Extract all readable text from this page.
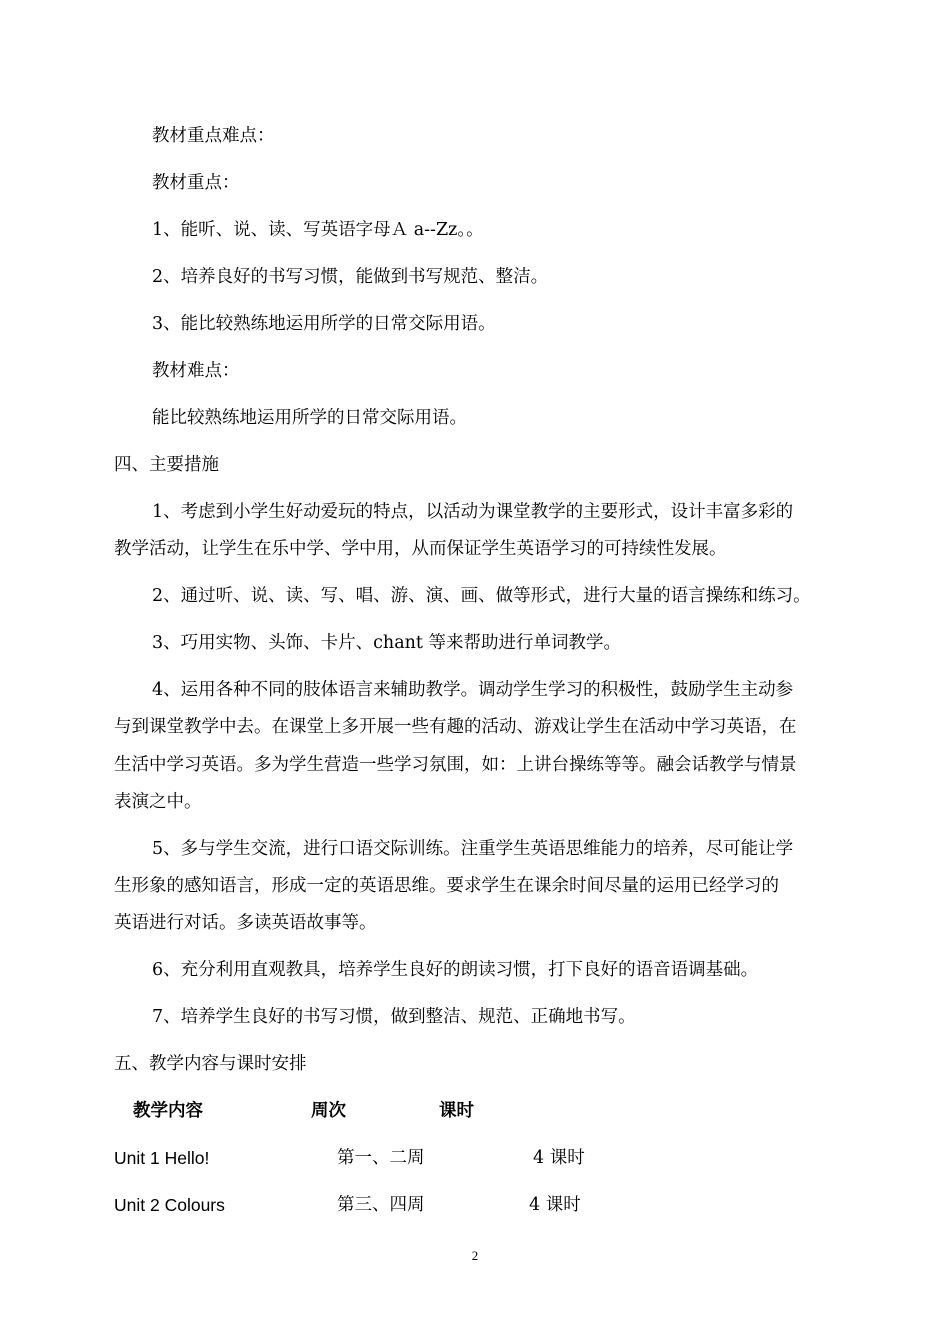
教材重点难点：
教材重点：
1、能听、说、读、写英语字母Ａ a--Zz。。
2、培养良好的书写习惯，能做到书写规范、整洁。
3、能比较熟练地运用所学的日常交际用语。
教材难点：
能比较熟练地运用所学的日常交际用语。
四、主要措施
1、考虑到小学生好动爱玩的特点，以活动为课堂教学的主要形式，设计丰富多彩的
教学活动，让学生在乐中学、学中用，从而保证学生英语学习的可持续性发展。
2、通过听、说、读、写、唱、游、演、画、做等形式，进行大量的语言操练和练习。
3、巧用实物、头饰、卡片、chant 等来帮助进行单词教学。
4、运用各种不同的肢体语言来辅助教学。调动学生学习的积极性，鼓励学生主动参
与到课堂教学中去。在课堂上多开展一些有趣的活动、游戏让学生在活动中学习英语，在
生活中学习英语。多为学生营造一些学习氛围，如：上讲台操练等等。融会话教学与情景
表演之中。
5、多与学生交流，进行口语交际训练。注重学生英语思维能力的培养，尽可能让学
生形象的感知语言，形成一定的英语思维。要求学生在课余时间尽量的运用已经学习的
英语进行对话。多读英语故事等。
6、充分利用直观教具，培养学生良好的朗读习惯，打下良好的语音语调基础。
7、培养学生良好的书写习惯，做到整洁、规范、正确地书写。
五、教学内容与课时安排
教学内容	周次	课时
Unit 1 Hello!	第一、二周	4 课时
Unit 2 Colours	第三、四周	4 课时
2
